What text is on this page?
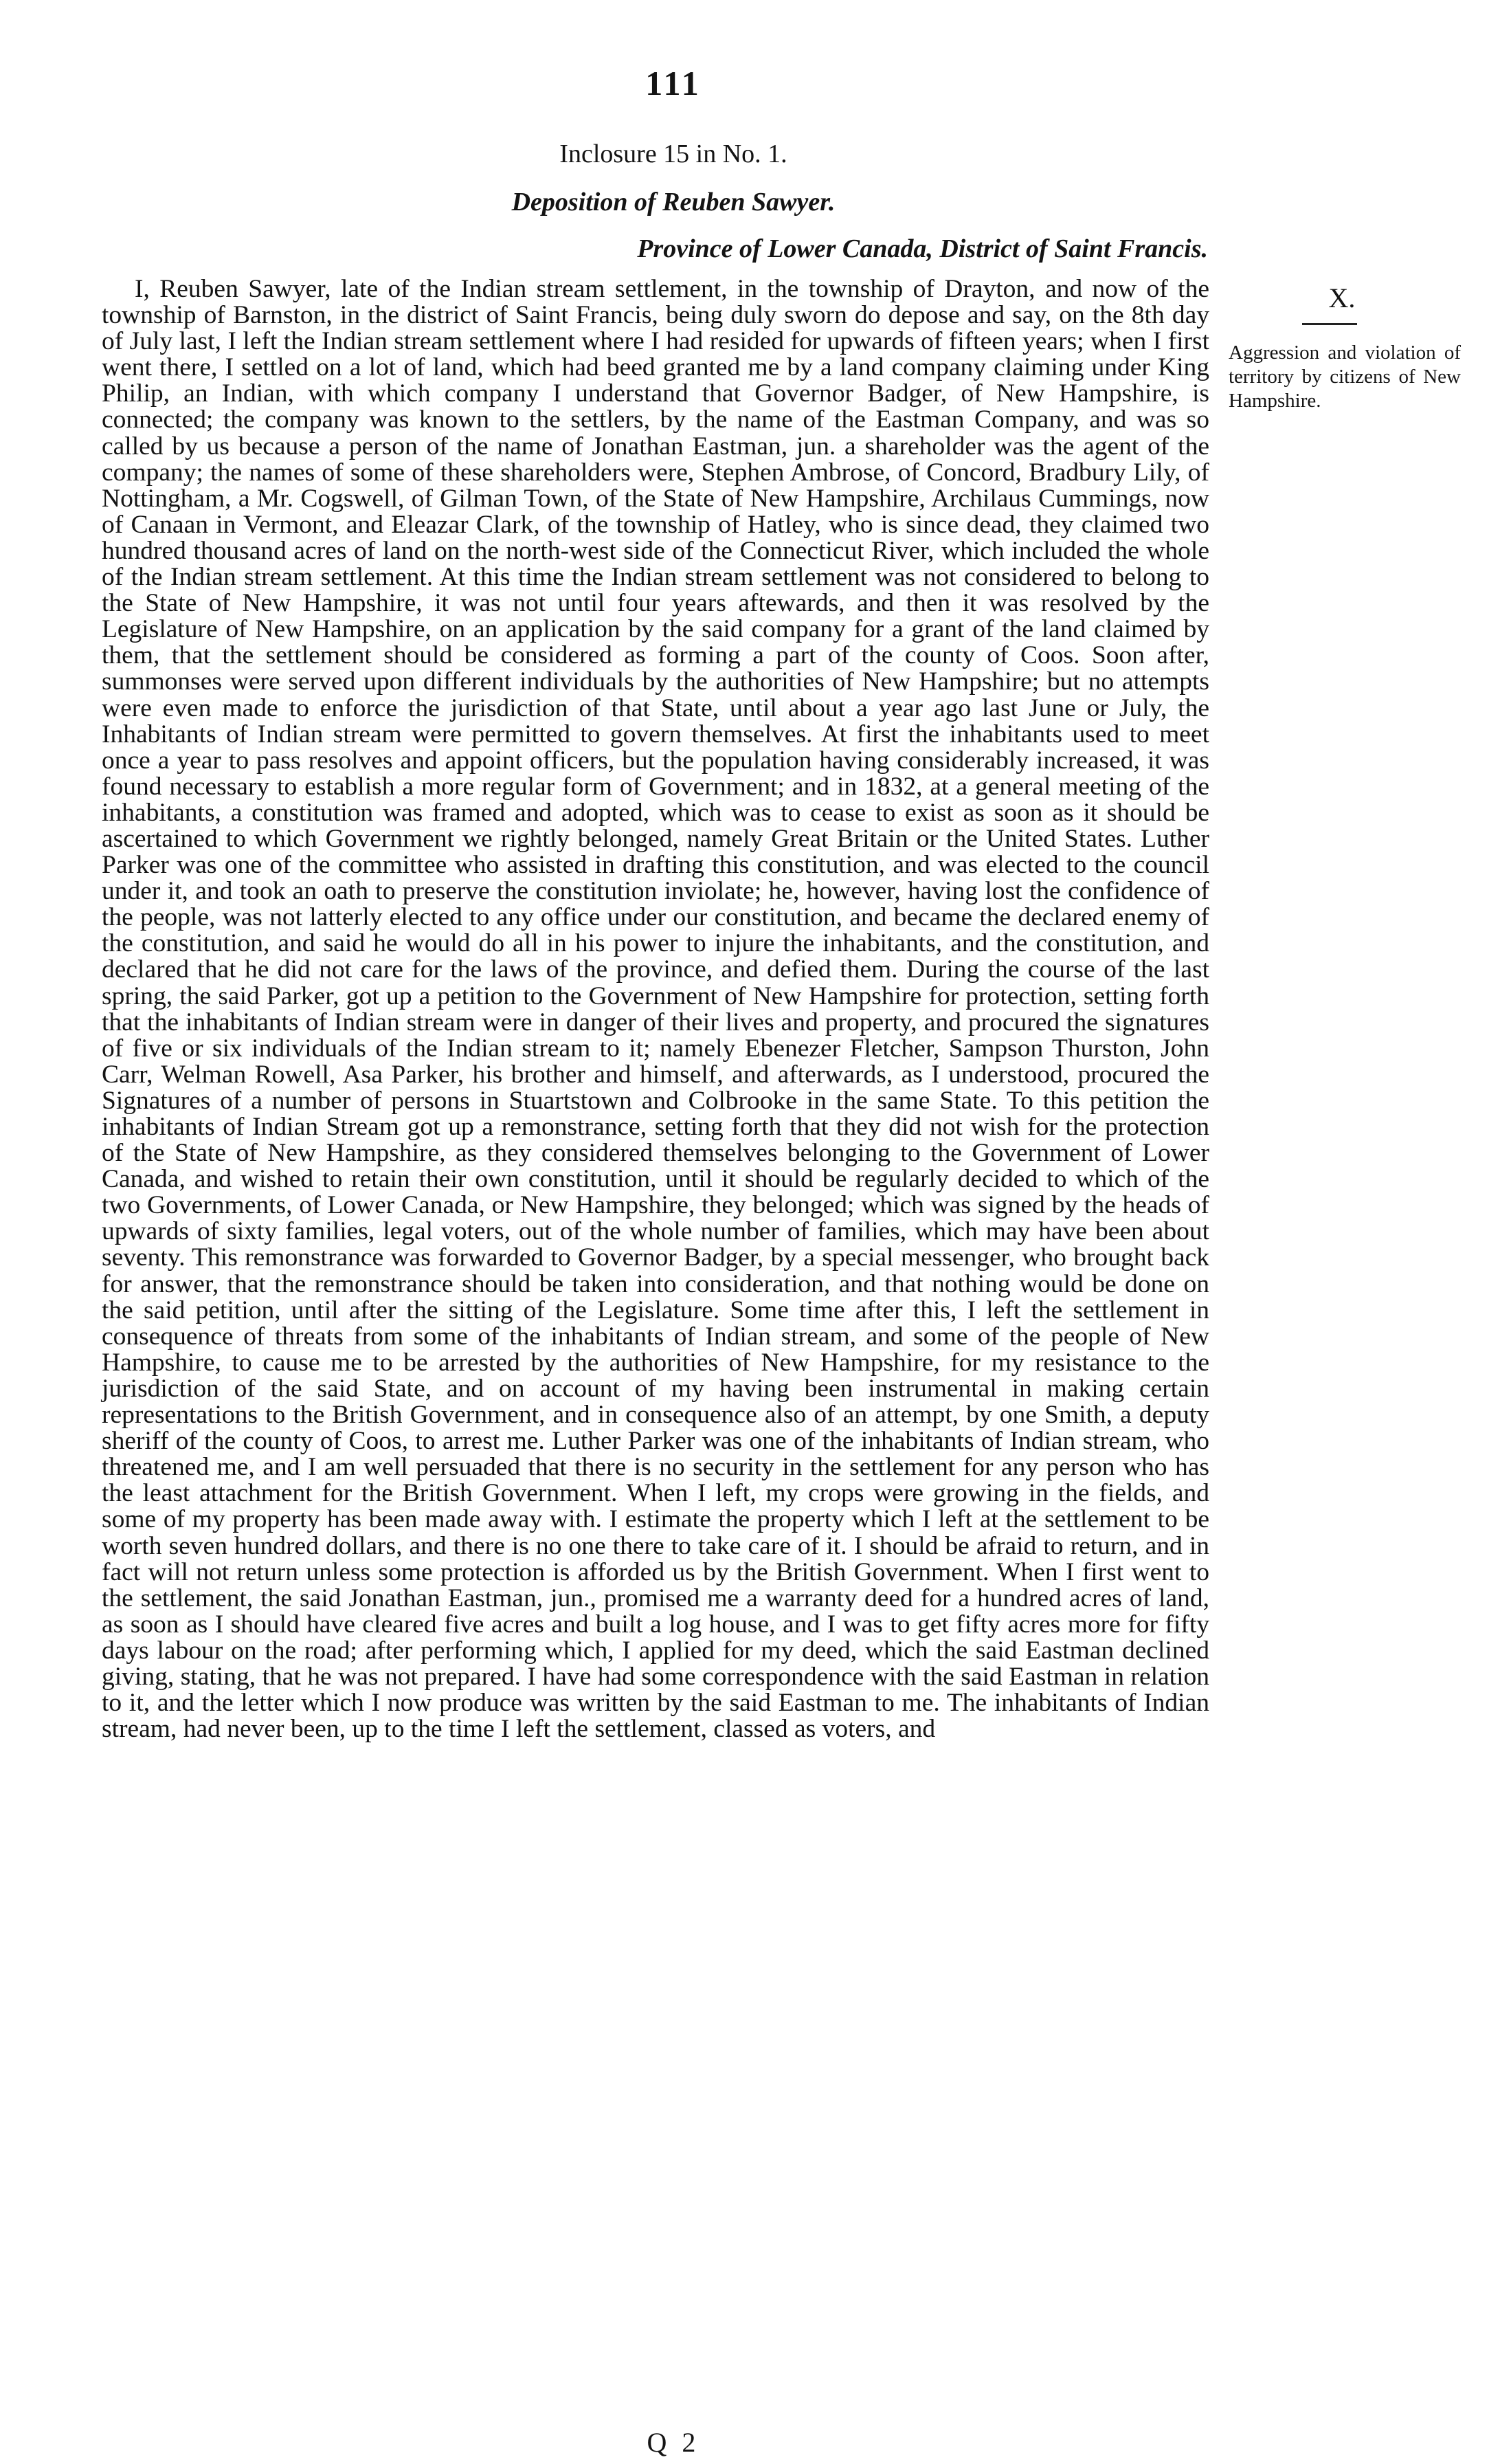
111
Inclosure 15 in No. 1.
Deposition of Reuben Sawyer.
Province of Lower Canada, District of Saint Francis.
X.
Aggression and violation of territory by citizens of New Hampshire.

I, Reuben Sawyer, late of the Indian stream settlement, in the township of Drayton, and now of the township of Barnston, in the district of Saint Francis, being duly sworn do depose and say, on the 8th day of July last, I left the Indian stream settlement where I had resided for upwards of fifteen years; when I first went there, I settled on a lot of land, which had beed granted me by a land company claiming under King Philip, an Indian, with which company I understand that Governor Badger, of New Hampshire, is connected; the company was known to the settlers, by the name of the Eastman Company, and was so called by us because a person of the name of Jonathan Eastman, jun. a shareholder was the agent of the company; the names of some of these shareholders were, Stephen Ambrose, of Concord, Bradbury Lily, of Nottingham, a Mr. Cogswell, of Gilman Town, of the State of New Hampshire, Archilaus Cummings, now of Canaan in Vermont, and Eleazar Clark, of the township of Hatley, who is since dead, they claimed two hundred thousand acres of land on the north-west side of the Connecticut River, which included the whole of the Indian stream settlement. At this time the Indian stream settlement was not considered to belong to the State of New Hampshire, it was not until four years aftewards, and then it was resolved by the Legislature of New Hampshire, on an application by the said company for a grant of the land claimed by them, that the settlement should be considered as forming a part of the county of Coos. Soon after, summonses were served upon different individuals by the authorities of New Hampshire; but no attempts were even made to enforce the jurisdiction of that State, until about a year ago last June or July, the Inhabitants of Indian stream were permitted to govern themselves. At first the inhabitants used to meet once a year to pass resolves and appoint officers, but the population having considerably increased, it was found necessary to establish a more regular form of Government; and in 1832, at a general meeting of the inhabitants, a constitution was framed and adopted, which was to cease to exist as soon as it should be ascertained to which Government we rightly belonged, namely Great Britain or the United States. Luther Parker was one of the committee who assisted in drafting this constitution, and was elected to the council under it, and took an oath to preserve the constitution inviolate; he, however, having lost the confidence of the people, was not latterly elected to any office under our constitution, and became the declared enemy of the constitution, and said he would do all in his power to injure the inhabitants, and the constitution, and declared that he did not care for the laws of the province, and defied them. During the course of the last spring, the said Parker, got up a petition to the Government of New Hampshire for protection, setting forth that the inhabitants of Indian stream were in danger of their lives and property, and procured the signatures of five or six individuals of the Indian stream to it; namely Ebenezer Fletcher, Sampson Thurston, John Carr, Welman Rowell, Asa Parker, his brother and himself, and afterwards, as I understood, procured the Signatures of a number of persons in Stuartstown and Colbrooke in the same State. To this petition the inhabitants of Indian Stream got up a remonstrance, setting forth that they did not wish for the protection of the State of New Hampshire, as they considered themselves belonging to the Government of Lower Canada, and wished to retain their own constitution, until it should be regularly decided to which of the two Governments, of Lower Canada, or New Hampshire, they belonged; which was signed by the heads of upwards of sixty families, legal voters, out of the whole number of families, which may have been about seventy. This remonstrance was forwarded to Governor Badger, by a special messenger, who brought back for answer, that the remonstrance should be taken into consideration, and that nothing would be done on the said petition, until after the sitting of the Legislature. Some time after this, I left the settlement in consequence of threats from some of the inhabitants of Indian stream, and some of the people of New Hampshire, to cause me to be arrested by the authorities of New Hampshire, for my resistance to the jurisdiction of the said State, and on account of my having been instrumental in making certain representations to the British Government, and in consequence also of an attempt, by one Smith, a deputy sheriff of the county of Coos, to arrest me. Luther Parker was one of the inhabitants of Indian stream, who threatened me, and I am well persuaded that there is no security in the settlement for any person who has the least attachment for the British Government. When I left, my crops were growing in the fields, and some of my property has been made away with. I estimate the property which I left at the settlement to be worth seven hundred dollars, and there is no one there to take care of it. I should be afraid to return, and in fact will not return unless some protection is afforded us by the British Government. When I first went to the settlement, the said Jonathan Eastman, jun., promised me a warranty deed for a hundred acres of land, as soon as I should have cleared five acres and built a log house, and I was to get fifty acres more for fifty days labour on the road; after performing which, I applied for my deed, which the said Eastman declined giving, stating, that he was not prepared. I have had some correspondence with the said Eastman in relation to it, and the letter which I now produce was written by the said Eastman to me. The inhabitants of Indian stream, had never been, up to the time I left the settlement, classed as voters, and

Q 2
